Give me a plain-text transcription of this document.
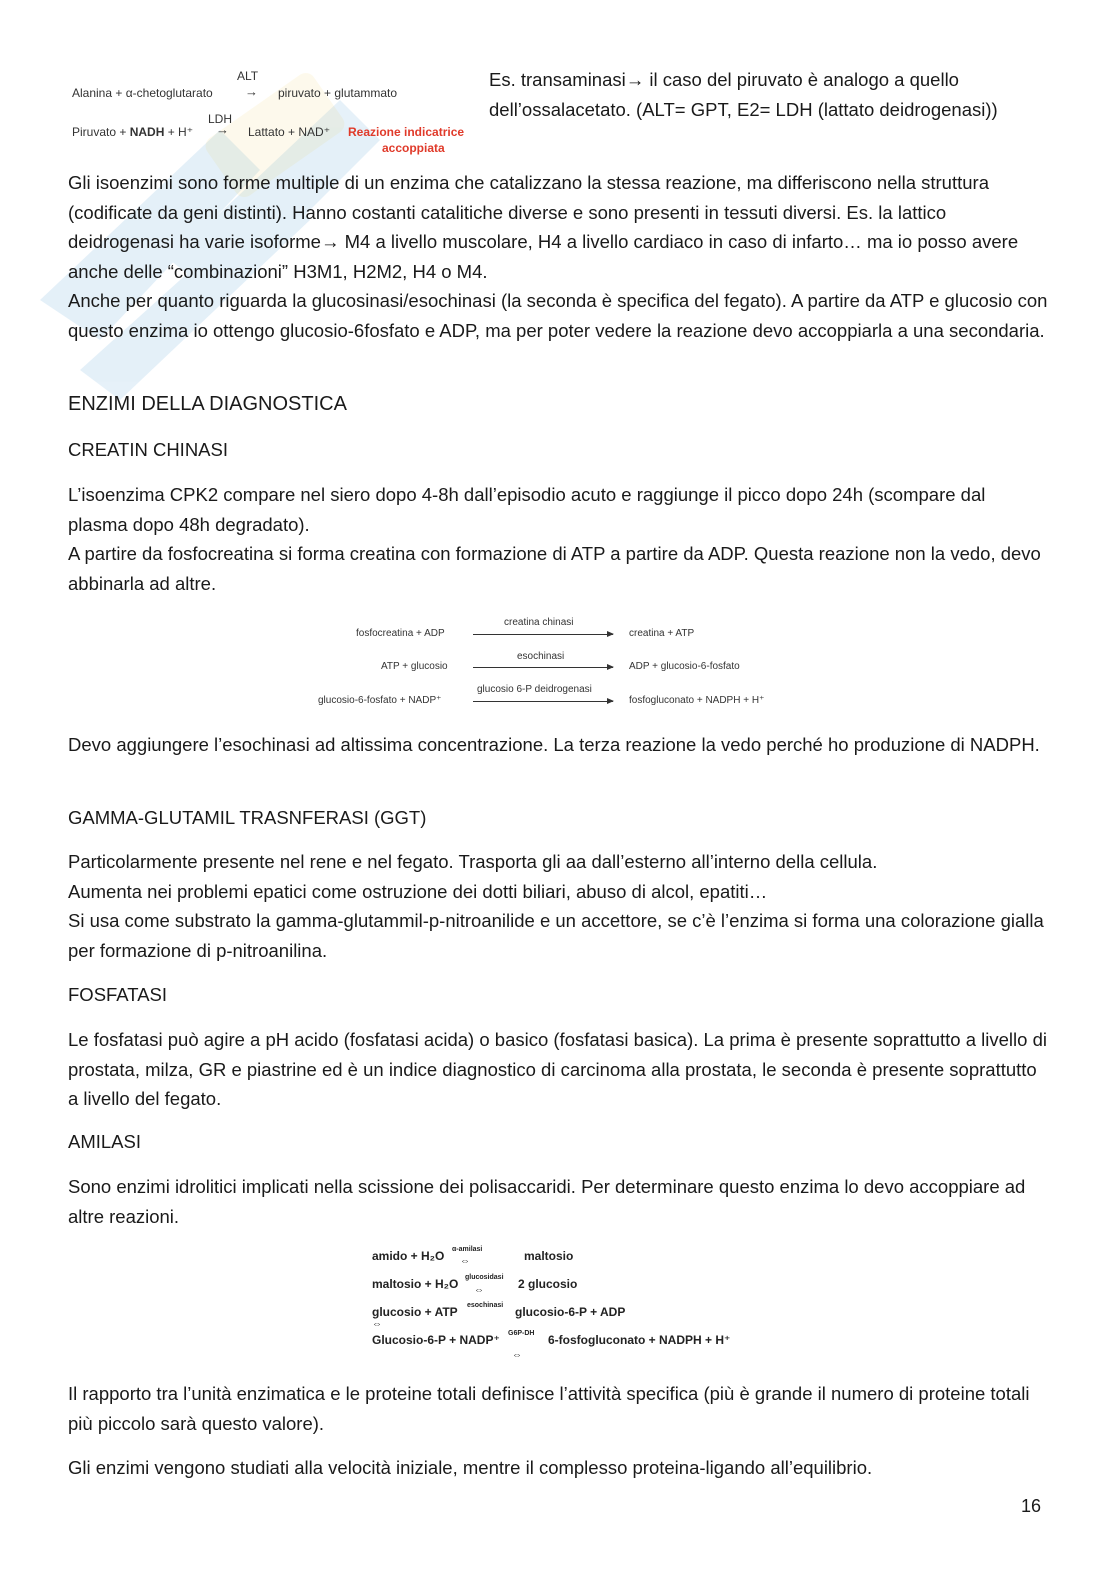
ALT
Alanina + α-chetoglutarato → piruvato + glutammato
LDH
Piruvato + NADH + H⁺ → Lattato + NAD⁺ Reazione indicatrice
accoppiata

Es. transaminasi→ il caso del piruvato è analogo a quello dell’ossalacetato. (ALT= GPT, E2= LDH (lattato deidrogenasi))

Gli isoenzimi sono forme multiple di un enzima che catalizzano la stessa reazione, ma differiscono nella struttura (codificate da geni distinti). Hanno costanti catalitiche diverse e sono presenti in tessuti diversi. Es. la lattico deidrogenasi ha varie isoforme→ M4 a livello muscolare, H4 a livello cardiaco in caso di infarto… ma io posso avere anche delle “combinazioni” H3M1, H2M2, H4 o M4.

Anche per quanto riguarda la glucosinasi/esochinasi (la seconda è specifica del fegato). A partire da ATP e glucosio con questo enzima io ottengo glucosio-6fosfato e ADP, ma per poter vedere la reazione devo accoppiarla a una secondaria.

ENZIMI DELLA DIAGNOSTICA
CREATIN CHINASI

L’isoenzima CPK2 compare nel siero dopo 4-8h dall’episodio acuto e raggiunge il picco dopo 24h (scompare dal plasma dopo 48h degradato).

A partire da fosfocreatina si forma creatina con formazione di ATP a partire da ADP. Questa reazione non la vedo, devo abbinarla ad altre.

fosfocreatina + ADP
creatina chinasi
creatina + ATP
ATP + glucosio
esochinasi
ADP + glucosio-6-fosfato
glucosio-6-fosfato + NADP⁺
glucosio 6-P deidrogenasi
fosfogluconato + NADPH + H⁺

Devo aggiungere l’esochinasi ad altissima concentrazione. La terza reazione la vedo perché ho produzione di NADPH.

GAMMA-GLUTAMIL TRASNFERASI (GGT)

Particolarmente presente nel rene e nel fegato. Trasporta gli aa dall’esterno all’interno della cellula.

Aumenta nei problemi epatici come ostruzione dei dotti biliari, abuso di alcol, epatiti…

Si usa come substrato la gamma-glutammil-p-nitroanilide e un accettore, se c’è l’enzima si forma una colorazione gialla per formazione di p-nitroanilina.

FOSFATASI

Le fosfatasi può agire a pH acido (fosfatasi acida) o basico (fosfatasi basica). La prima è presente soprattutto a livello di prostata, milza, GR e piastrine ed è un indice diagnostico di carcinoma alla prostata, le seconda è presente soprattutto a livello del fegato.

AMILASI

Sono enzimi idrolitici implicati nella scissione dei polisaccaridi. Per determinare questo enzima lo devo accoppiare ad altre reazioni.

amido + H₂O α-amilasi
⇔	maltosio
maltosio + H₂O glucosidasi
⇔	2 glucosio
glucosio + ATP esochinasi
⇔
glucosio-6-P + ADP
Glucosio-6-P + NADP⁺ G6P-DH
⇔
6-fosfogluconato + NADPH + H⁺

Il rapporto tra l’unità enzimatica e le proteine totali definisce l’attività specifica (più è grande il numero di proteine totali più piccolo sarà questo valore).

Gli enzimi vengono studiati alla velocità iniziale, mentre il complesso proteina-ligando all’equilibrio.

16
